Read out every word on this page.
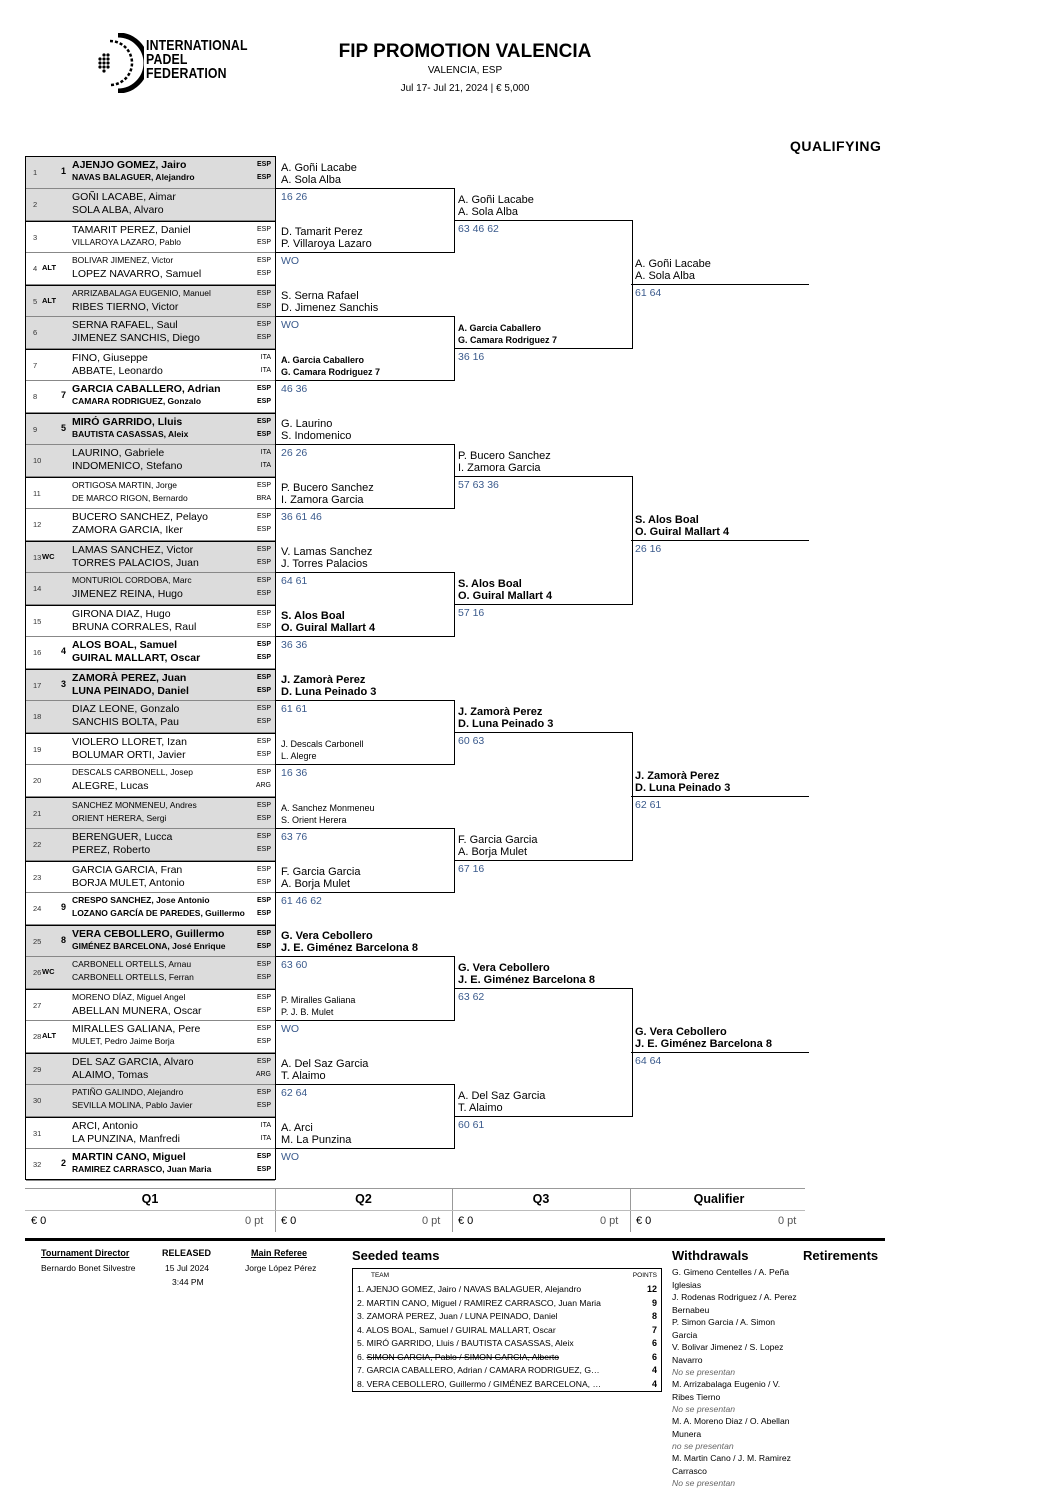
INTERNATIONAL
PADEL
FEDERATION
FIP PROMOTION VALENCIA
VALENCIA, ESP
Jul 17- Jul 21, 2024 | € 5,000
QUALIFYING
1	1 AJENJO GOMEZ, Jairo	ESP
NAVAS BALAGUER, Alejandro	ESP
2
GOÑI LACABE, Aimar
SOLA ALBA, Alvaro
3
TAMARIT PEREZ, Daniel	ESP
VILLAROYA LAZARO, Pablo	ESP
4 ALT
BOLIVAR JIMENEZ, Victor	ESP
LOPEZ NAVARRO, Samuel	ESP
5 ALT
ARRIZABALAGA EUGENIO, Manuel	ESP
RIBES TIERNO, Victor	ESP
6
SERNA RAFAEL, Saul	ESP
JIMENEZ SANCHIS, Diego	ESP
7
FINO, Giuseppe	ITA
ABBATE, Leonardo	ITA
8	7 GARCIA CABALLERO, Adrian	ESP
CAMARA RODRIGUEZ, Gonzalo	ESP
9	5 MIRÓ GARRIDO, Lluis	ESP
BAUTISTA CASASSAS, Aleix	ESP
10
LAURINO, Gabriele	ITA
INDOMENICO, Stefano	ITA
11
ORTIGOSA MARTIN, Jorge	ESP
DE MARCO RIGON, Bernardo	BRA
12
BUCERO SANCHEZ, Pelayo	ESP
ZAMORA GARCIA, Iker	ESP
13 WC
LAMAS SANCHEZ, Victor	ESP
TORRES PALACIOS, Juan	ESP
14
MONTURIOL CORDOBA, Marc	ESP
JIMENEZ REINA, Hugo	ESP
15
GIRONA DIAZ, Hugo	ESP
BRUNA CORRALES, Raul	ESP
16 4 ALOS BOAL, Samuel	ESP
GUIRAL MALLART, Oscar	ESP
17 3 ZAMORÀ PEREZ, Juan	ESP
LUNA PEINADO, Daniel	ESP
18
DIAZ LEONE, Gonzalo	ESP
SANCHIS BOLTA, Pau	ESP
19
VIOLERO LLORET, Izan	ESP
BOLUMAR ORTI, Javier	ESP
20
DESCALS CARBONELL, Josep	ESP
ALEGRE, Lucas	ARG
21
SANCHEZ MONMENEU, Andres	ESP
ORIENT HERERA, Sergi	ESP
22
BERENGUER, Lucca	ESP
PEREZ, Roberto	ESP
23
GARCIA GARCIA, Fran	ESP
BORJA MULET, Antonio	ESP
24 9
CRESPO SANCHEZ, Jose Antonio	ESP
LOZANO GARCÍA DE PAREDES, Guillermo	ESP
25 8 VERA CEBOLLERO, Guillermo	ESP
GIMÉNEZ BARCELONA, José Enrique	ESP
26 WC
CARBONELL ORTELLS, Arnau	ESP
CARBONELL ORTELLS, Ferran	ESP
27
MORENO DÍAZ, Miguel Angel	ESP
ABELLAN MUNERA, Oscar	ESP
28 ALT
MIRALLES GALIANA, Pere	ESP
MULET, Pedro Jaime Borja	ESP
29
DEL SAZ GARCIA, Alvaro	ESP
ALAIMO, Tomas	ARG
30
PATIÑO GALINDO, Alejandro	ESP
SEVILLA MOLINA, Pablo Javier	ESP
31
ARCI, Antonio	ITA
LA PUNZINA, Manfredi	ITA
32 2 MARTIN CANO, Miguel	ESP
RAMIREZ CARRASCO, Juan Maria	ESP
A. Goñi Lacabe
A. Sola Alba
16 26
D. Tamarit Perez
P. Villaroya Lazaro
WO
S. Serna Rafael
D. Jimenez Sanchis
WO
A. Garcia Caballero
G. Camara Rodriguez 7
46 36
G. Laurino
S. Indomenico
26 26
P. Bucero Sanchez
I. Zamora Garcia
36 61 46
V. Lamas Sanchez
J. Torres Palacios
64 61
S. Alos Boal
O. Guiral Mallart 4
36 36
J. Zamorà Perez
D. Luna Peinado 3
61 61
J. Descals Carbonell
L. Alegre
16 36
A. Sanchez Monmeneu
S. Orient Herera
63 76
F. Garcia Garcia
A. Borja Mulet
61 46 62
G. Vera Cebollero
J. E. Giménez Barcelona 8
63 60
P. Miralles Galiana
P. J. B. Mulet
WO
A. Del Saz Garcia
T. Alaimo
62 64
A. Arci
M. La Punzina
WO
A. Goñi Lacabe
A. Sola Alba
63 46 62
A. Garcia Caballero
G. Camara Rodriguez 7
36 16
P. Bucero Sanchez
I. Zamora Garcia
57 63 36
S. Alos Boal
O. Guiral Mallart 4
57 16
J. Zamorà Perez
D. Luna Peinado 3
60 63
F. Garcia Garcia
A. Borja Mulet
67 16
G. Vera Cebollero
J. E. Giménez Barcelona 8
63 62
A. Del Saz Garcia
T. Alaimo
60 61
A. Goñi Lacabe
A. Sola Alba
61 64
S. Alos Boal
O. Guiral Mallart 4
26 16
J. Zamorà Perez
D. Luna Peinado 3
62 61
G. Vera Cebollero
J. E. Giménez Barcelona 8
64 64
Q1
€ 0	0 pt
Q2
€ 0	0 pt
Q3
€ 0	0 pt
Qualifier
€ 0	0 pt
Tournament Director
Bernardo Bonet Silvestre
RELEASED
15 Jul 2024
3:44 PM
Main Referee
Jorge López Pérez
Seeded teams
TEAM	POINTS
1. AJENJO GOMEZ, Jairo / NAVAS BALAGUER, Alejandro	12
2. MARTIN CANO, Miguel / RAMIREZ CARRASCO, Juan Maria	9
3. ZAMORÀ PEREZ, Juan / LUNA PEINADO, Daniel	8
4. ALOS BOAL, Samuel / GUIRAL MALLART, Oscar	7
5. MIRÓ GARRIDO, Lluis / BAUTISTA CASASSAS, Aleix	6
6. SIMON GARCIA, Pablo / SIMON GARCIA, Alberto	6
7. GARCIA CABALLERO, Adrian / CAMARA RODRIGUEZ, G…	4
8. VERA CEBOLLERO, Guillermo / GIMÉNEZ BARCELONA, …	4
Withdrawals	Retirements
G. Gimeno Centelles / A. Peña Iglesias
J. Rodenas Rodriguez / A. Perez Bernabeu
P. Simon Garcia / A. Simon Garcia
V. Bolivar Jimenez / S. Lopez Navarro
No se presentan
M. Arrizabalaga Eugenio / V. Ribes Tierno
No se presentan
M. A. Moreno Diaz / O. Abellan Munera
no se presentan
M. Martin Cano / J. M. Ramirez Carrasco
No se presentan
